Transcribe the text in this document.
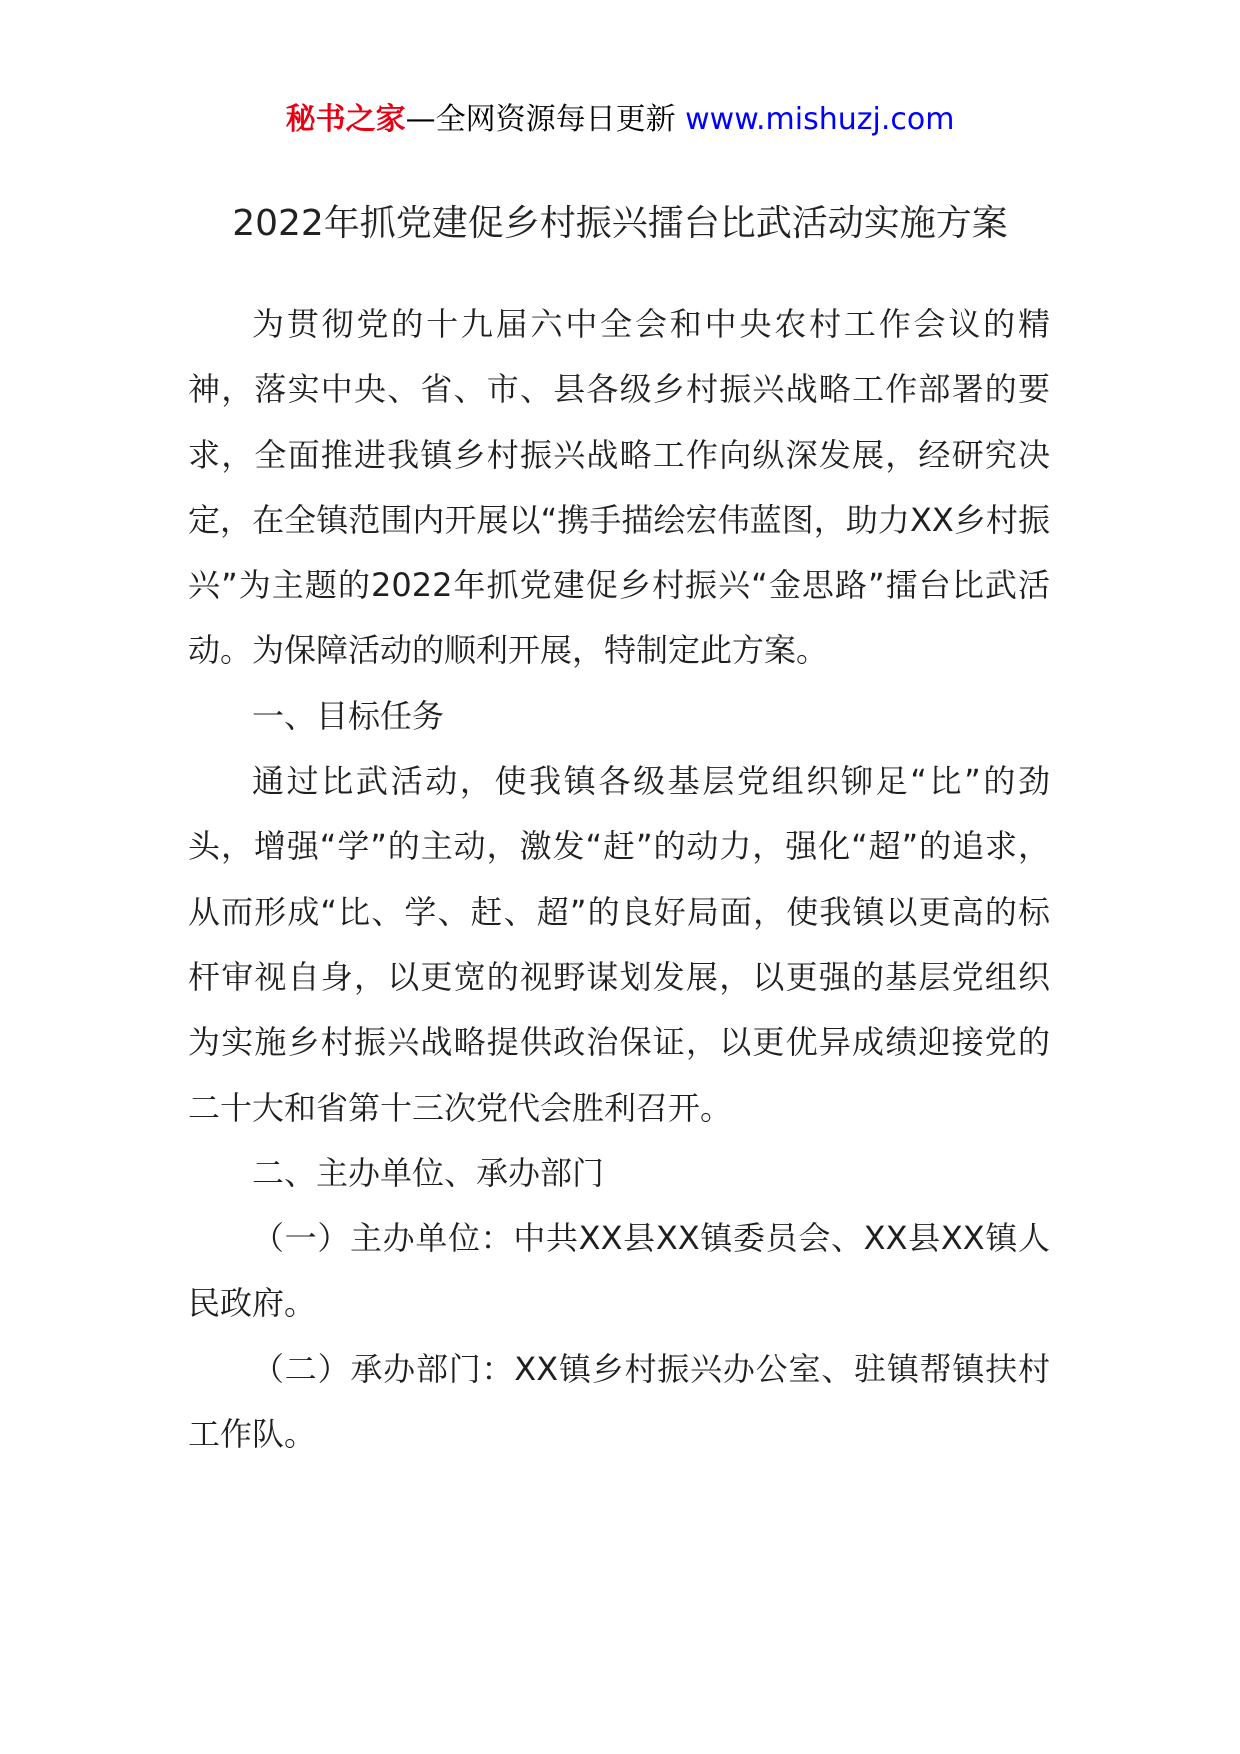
秘书之家—全网资源每日更新 www.mishuzj.com
2022年抓党建促乡村振兴擂台比武活动实施方案

为贯彻党的十九届六中全会和中央农村工作会议的精神，落实中央、省、市、县各级乡村振兴战略工作部署的要求，全面推进我镇乡村振兴战略工作向纵深发展，经研究决定，在全镇范围内开展以“携手描绘宏伟蓝图，助力XX乡村振兴”为主题的2022年抓党建促乡村振兴“金思路”擂台比武活动。为保障活动的顺利开展，特制定此方案。

一、目标任务

通过比武活动，使我镇各级基层党组织铆足“比”的劲头，增强“学”的主动，激发“赶”的动力，强化“超”的追求，从而形成“比、学、赶、超”的良好局面，使我镇以更高的标杆审视自身，以更宽的视野谋划发展，以更强的基层党组织为实施乡村振兴战略提供政治保证，以更优异成绩迎接党的二十大和省第十三次党代会胜利召开。

二、主办单位、承办部门

（一）主办单位：中共XX县XX镇委员会、XX县XX镇人民政府。

（二）承办部门：XX镇乡村振兴办公室、驻镇帮镇扶村工作队。
